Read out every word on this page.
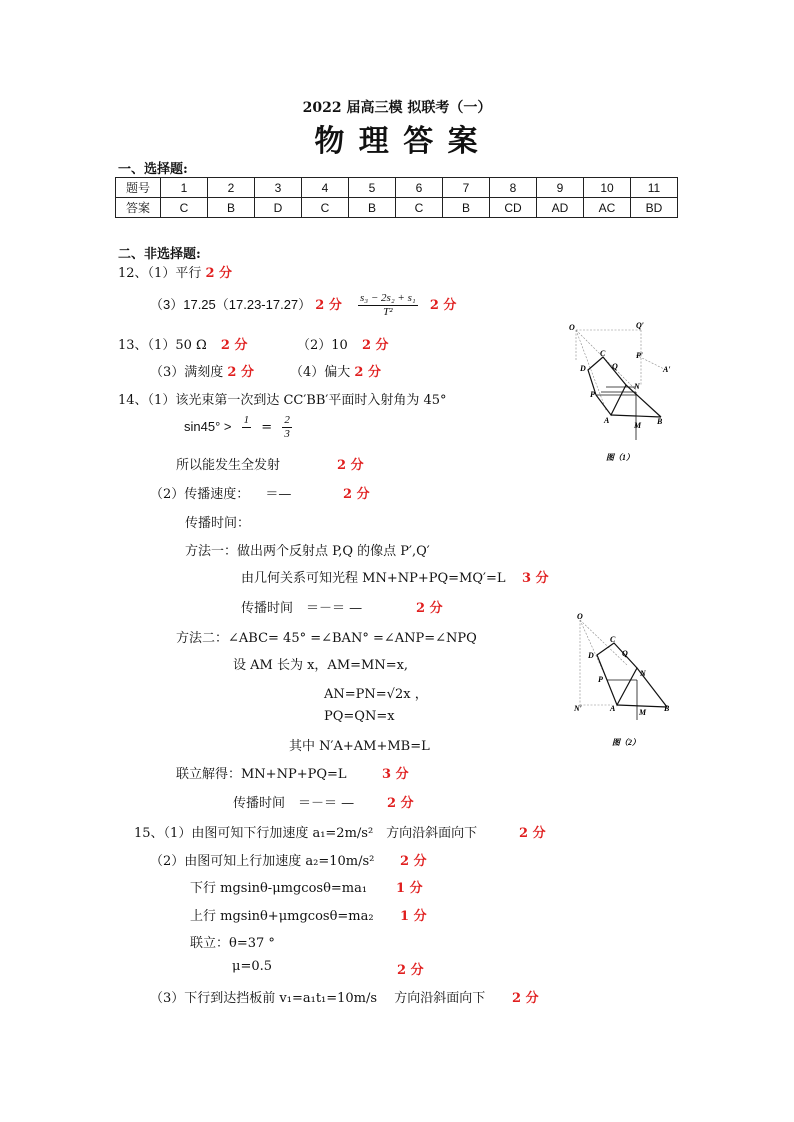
2022 届高三模 拟联考（一）
物 理 答 案
一、选择题:
题号	1	2	3	4	5	6	7	8	9	10	11
答案	C	B	D	C	B	C	B	CD	AD	AC	BD
二、非选择题:
12、（1）平行 2 分
（3）17.25（17.23-17.27） 2 分 $\frac{\text{s₃ − 2s₂ + s₁}}{\text{T²}} 2$ 分
13、（1）50 Ω 2 分	（2）10 2 分
（3）满刻度 2 分	（4）偏大 2 分
14、（1）该光束第一次到达 CC′BB′平面时入射角为 45°
sin45° > 1
= $\frac{2}{3}$
所以能发生全发射	2 分
（2）传播速度： ＝—	2 分
传播时间：
方法一：做出两个反射点 P,Q 的像点 P′,Q′
由几何关系可知光程 MN+NP+PQ=MQ′=L 3 分
传播时间　＝－＝ —	2 分
方法二：∠ABC= 45° =∠BAN° =∠ANP=∠NPQ
设 AM 长为 x，AM=MN=x,
AN=PN=√2x ，
PQ=QN=x
其中 N′A+AM+MB=L
联立解得：MN+NP+PQ=L	3 分
传播时间　＝－＝ —	2 分
15、（1）由图可知下行加速度 a₁=2m/s²　方向沿斜面向下	2 分
（2）由图可知上行加速度 a₂=10m/s² 2 分
下行 mgsinθ-μmgcosθ=ma₁ 1 分
上行 mgsinθ+μmgcosθ=ma₂ 1 分
联立：θ=37 °
μ=0.5	2 分
（3）下行到达挡板前 v₁=a₁t₁=10m/s　 方向沿斜面向下 2 分
O	Q′
P′
A′
C
D	Q
N
P
A
M B
图（1）
O
C
D	Q
N
P
N′	A	M B
图（2）
